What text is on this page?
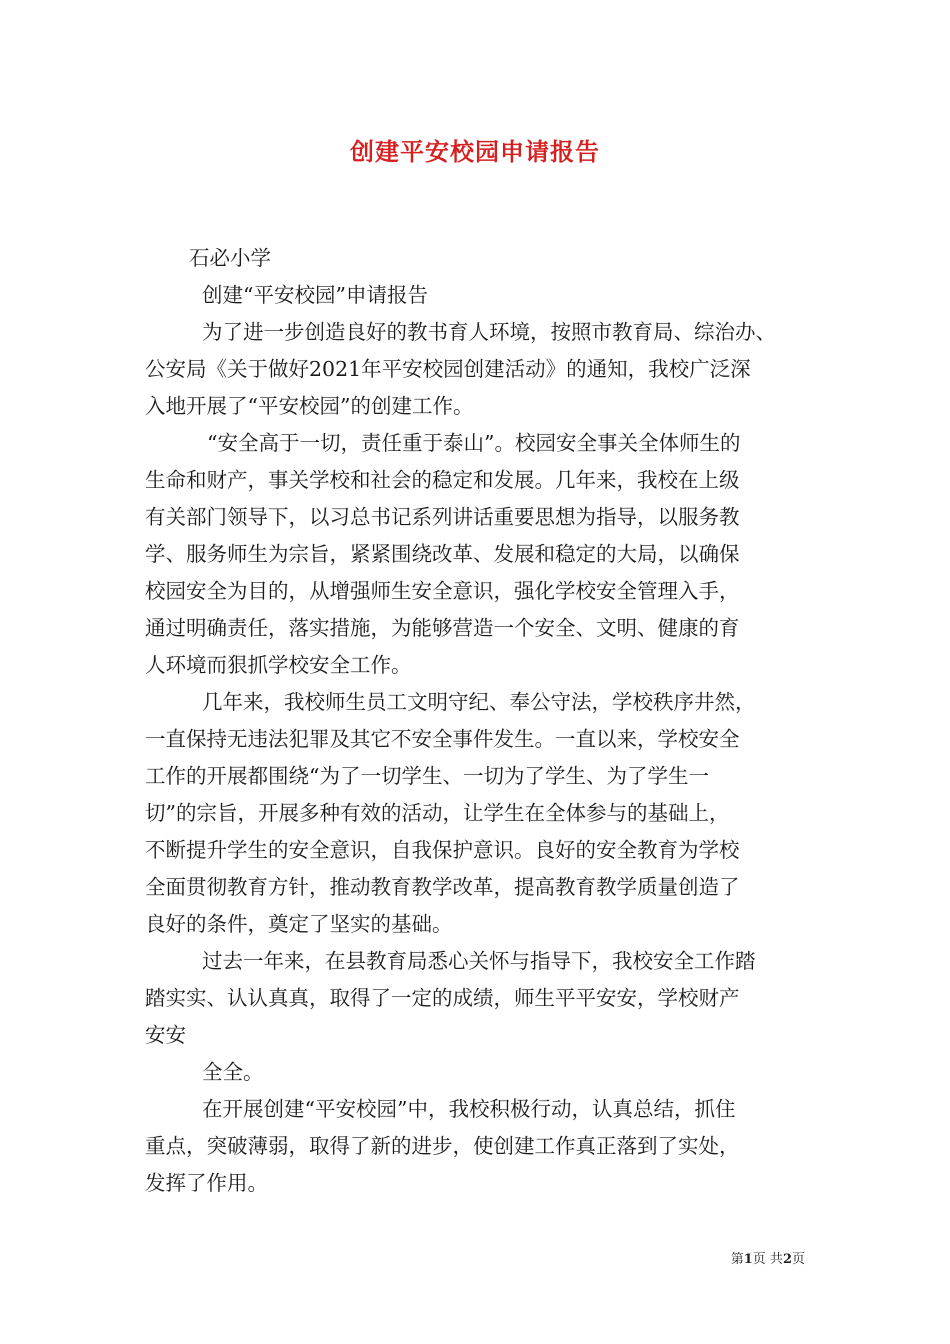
创建平安校园申请报告
石必小学
创建“平安校园”申请报告
为了进一步创造良好的教书育人环境，按照市教育局、综治办、
公安局《关于做好2021年平安校园创建活动》的通知，我校广泛深
入地开展了“平安校园”的创建工作。
“安全高于一切，责任重于泰山”。校园安全事关全体师生的
生命和财产，事关学校和社会的稳定和发展。几年来，我校在上级
有关部门领导下，以习总书记系列讲话重要思想为指导，以服务教
学、服务师生为宗旨，紧紧围绕改革、发展和稳定的大局，以确保
校园安全为目的，从增强师生安全意识，强化学校安全管理入手，
通过明确责任，落实措施，为能够营造一个安全、文明、健康的育
人环境而狠抓学校安全工作。
几年来，我校师生员工文明守纪、奉公守法，学校秩序井然，
一直保持无违法犯罪及其它不安全事件发生。一直以来，学校安全
工作的开展都围绕“为了一切学生、一切为了学生、为了学生一
切”的宗旨，开展多种有效的活动，让学生在全体参与的基础上，
不断提升学生的安全意识，自我保护意识。良好的安全教育为学校
全面贯彻教育方针，推动教育教学改革，提高教育教学质量创造了
良好的条件，奠定了坚实的基础。
过去一年来，在县教育局悉心关怀与指导下，我校安全工作踏
踏实实、认认真真，取得了一定的成绩，师生平平安安，学校财产
安安
全全。
在开展创建“平安校园”中，我校积极行动，认真总结，抓住
重点，突破薄弱，取得了新的进步，使创建工作真正落到了实处，
发挥了作用。
第1页 共2页
